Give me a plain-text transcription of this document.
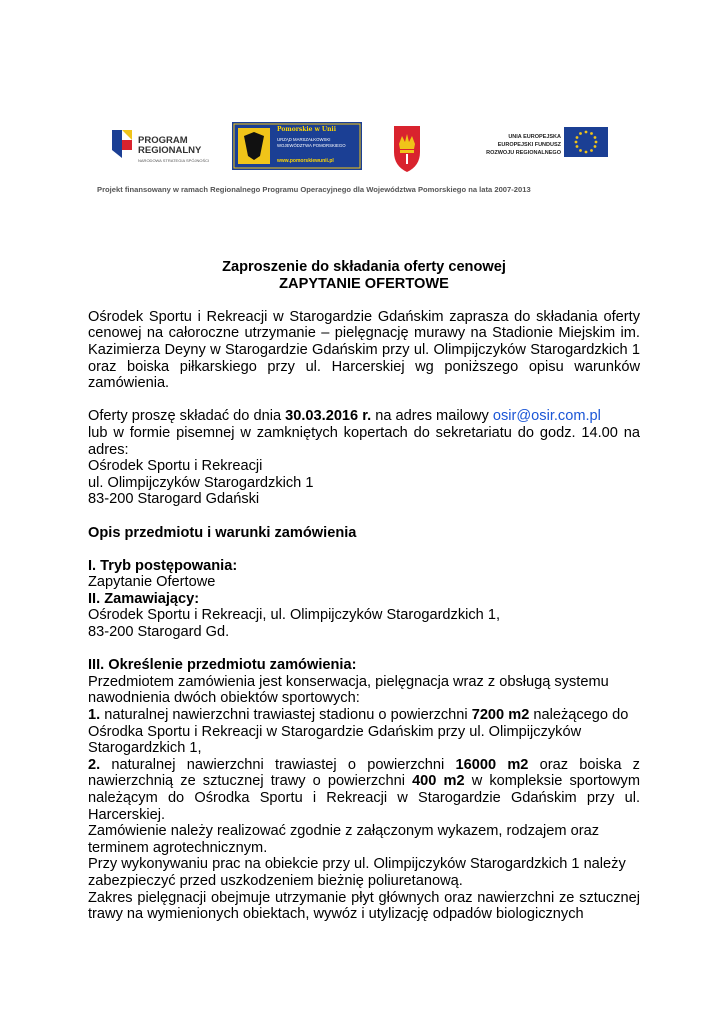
PROGRAM
REGIONALNY
NARODOWA STRATEGIA SPÓJNOŚCI
Pomorskie w Unii
URZĄD MARSZAŁKOWSKI
WOJEWÓDZTWA POMORSKIEGO
www.pomorskiewunii.pl
UNIA EUROPEJSKA
EUROPEJSKI FUNDUSZ
ROZWOJU REGIONALNEGO
Projekt finansowany w ramach Regionalnego Programu Operacyjnego dla Województwa Pomorskiego na lata 2007-2013

Zaproszenie do składania oferty cenowej

ZAPYTANIE OFERTOWE

Ośrodek Sportu i Rekreacji w Starogardzie Gdańskim zaprasza do składania oferty cenowej na całoroczne utrzymanie – pielęgnację murawy na Stadionie Miejskim im. Kazimierza Deyny w Starogardzie Gdańskim przy ul. Olimpijczyków Starogardzkich 1 oraz boiska piłkarskiego przy ul. Harcerskiej wg poniższego opisu warunków zamówienia.

Oferty proszę składać do dnia 30.03.2016 r. na adres mailowy osir@osir.com.pl

lub w formie pisemnej w zamkniętych kopertach do sekretariatu do godz. 14.00 na adres:

Ośrodek Sportu i Rekreacji

ul. Olimpijczyków Starogardzkich 1

83-200 Starogard Gdański

Opis przedmiotu i warunki zamówienia

I. Tryb postępowania:

Zapytanie Ofertowe

II. Zamawiający:

Ośrodek Sportu i Rekreacji, ul. Olimpijczyków Starogardzkich 1,

83-200 Starogard Gd.

III. Określenie przedmiotu zamówienia:

Przedmiotem zamówienia jest konserwacja, pielęgnacja wraz z obsługą systemu nawodnienia dwóch obiektów sportowych:

1. naturalnej nawierzchni trawiastej stadionu o powierzchni 7200 m2 należącego do Ośrodka Sportu i Rekreacji w Starogardzie Gdańskim przy ul. Olimpijczyków Starogardzkich 1,

2. naturalnej nawierzchni trawiastej o powierzchni 16000 m2 oraz boiska z nawierzchnią ze sztucznej trawy o powierzchni 400 m2 w kompleksie sportowym należącym do Ośrodka Sportu i Rekreacji w Starogardzie Gdańskim przy ul. Harcerskiej.

Zamówienie należy realizować zgodnie z załączonym wykazem, rodzajem oraz terminem agrotechnicznym.

Przy wykonywaniu prac na obiekcie przy ul. Olimpijczyków Starogardzkich 1 należy zabezpieczyć przed uszkodzeniem bieżnię poliuretanową.

Zakres pielęgnacji obejmuje utrzymanie płyt głównych oraz nawierzchni ze sztucznej trawy na wymienionych obiektach, wywóz i utylizację odpadów biologicznych
